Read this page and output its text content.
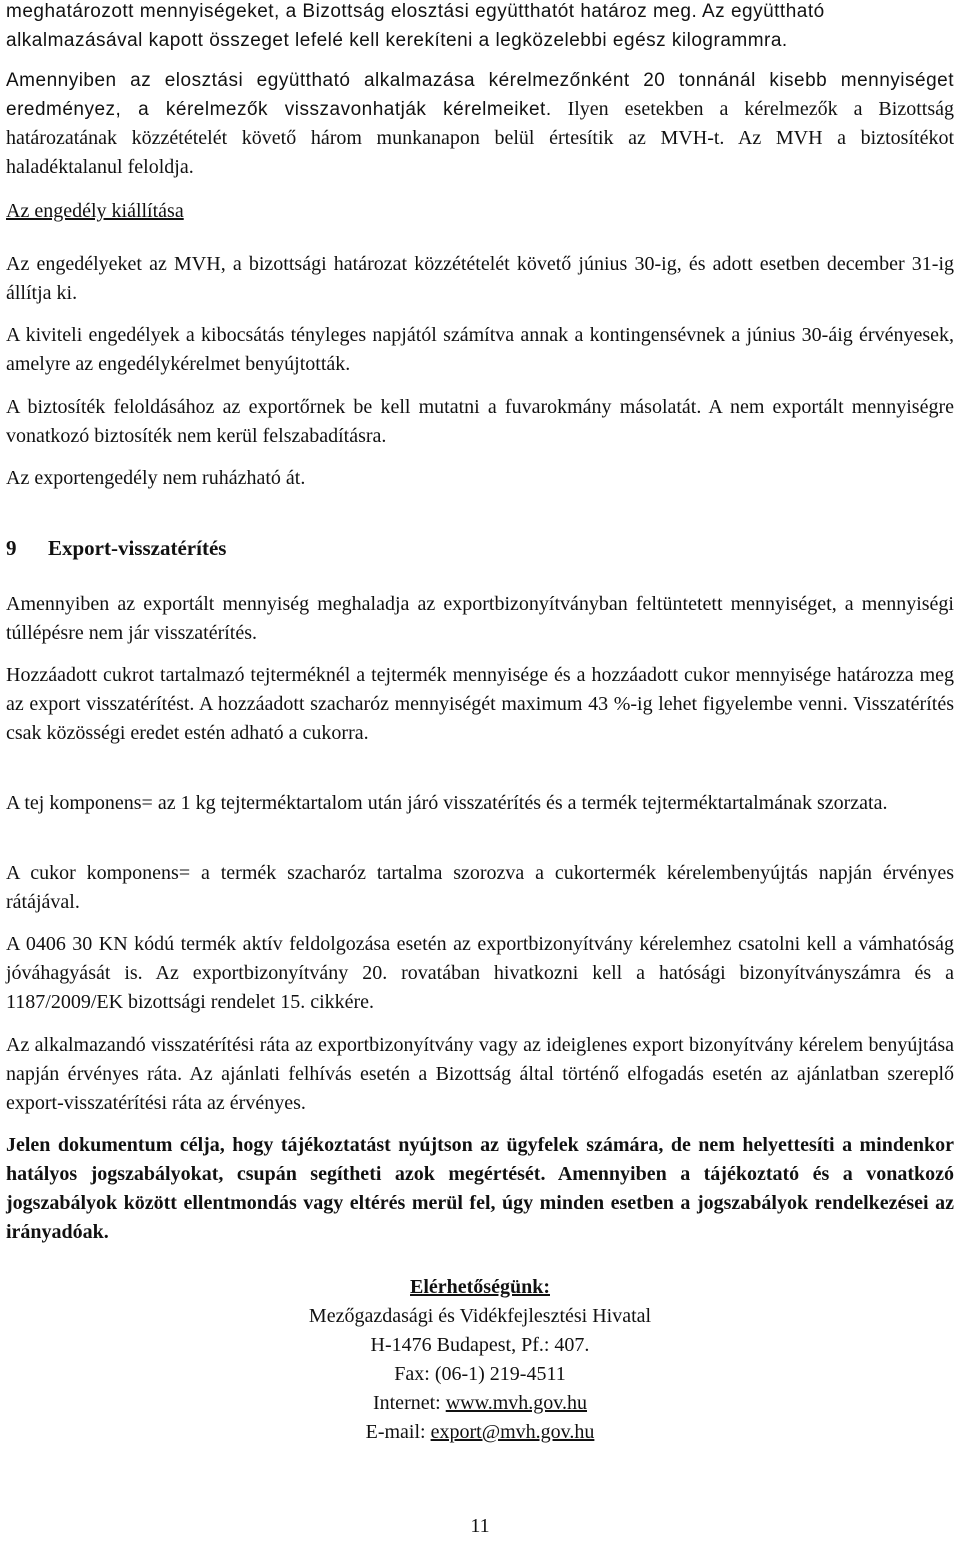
meghatározott mennyiségeket, a Bizottság elosztási együtthatót határoz meg. Az együttható
alkalmazásával kapott összeget lefelé kell kerekíteni a legközelebbi egész kilogrammra.

Amennyiben az elosztási együttható alkalmazása kérelmezőnként 20 tonnánál kisebb mennyiséget eredményez, a kérelmezők visszavonhatják kérelmeiket. Ilyen esetekben a kérelmezők a Bizottság határozatának közzétételét követő három munkanapon belül értesítik az MVH-t. Az MVH a biztosítékot haladéktalanul feloldja.

Az engedély kiállítása

Az engedélyeket az MVH, a bizottsági határozat közzétételét követő június 30-ig, és adott esetben december 31-ig állítja ki.

A kiviteli engedélyek a kibocsátás tényleges napjától számítva annak a kontingensévnek a június 30-áig érvényesek, amelyre az engedélykérelmet benyújtották.

A biztosíték feloldásához az exportőrnek be kell mutatni a fuvarokmány másolatát. A nem exportált mennyiségre vonatkozó biztosíték nem kerül felszabadításra.

Az exportengedély nem ruházható át.

9 Export-visszatérítés

Amennyiben az exportált mennyiség meghaladja az exportbizonyítványban feltüntetett mennyiséget, a mennyiségi túllépésre nem jár visszatérítés.

Hozzáadott cukrot tartalmazó tejterméknél a tejtermék mennyisége és a hozzáadott cukor mennyisége határozza meg az export visszatérítést. A hozzáadott szacharóz mennyiségét maximum 43 %-ig lehet figyelembe venni. Visszatérítés csak közösségi eredet estén adható a cukorra.

A tej komponens= az 1 kg tejterméktartalom után járó visszatérítés és a termék tejterméktartalmának szorzata.

A cukor komponens= a termék szacharóz tartalma szorozva a cukortermék kérelembenyújtás napján érvényes rátájával.

A 0406 30 KN kódú termék aktív feldolgozása esetén az exportbizonyítvány kérelemhez csatolni kell a vámhatóság jóváhagyását is. Az exportbizonyítvány 20. rovatában hivatkozni kell a hatósági bizonyítványszámra és a 1187/2009/EK bizottsági rendelet 15. cikkére.

Az alkalmazandó visszatérítési ráta az exportbizonyítvány vagy az ideiglenes export bizonyítvány kérelem benyújtása napján érvényes ráta. Az ajánlati felhívás esetén a Bizottság által történő elfogadás esetén az ajánlatban szereplő export-visszatérítési ráta az érvényes.

Jelen dokumentum célja, hogy tájékoztatást nyújtson az ügyfelek számára, de nem helyettesíti a mindenkor hatályos jogszabályokat, csupán segítheti azok megértését. Amennyiben a tájékoztató és a vonatkozó jogszabályok között ellentmondás vagy eltérés merül fel, úgy minden esetben a jogszabályok rendelkezései az irányadóak.

Elérhetőségünk:
Mezőgazdasági és Vidékfejlesztési Hivatal
H-1476 Budapest, Pf.: 407.
Fax: (06-1) 219-4511
Internet: www.mvh.gov.hu
E-mail: export@mvh.gov.hu
11
